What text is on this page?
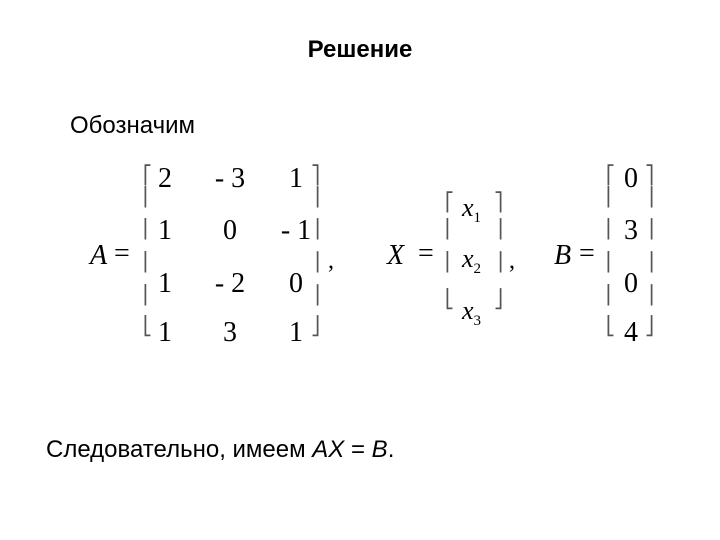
Решение
Обозначим
A =
⎡
⎢
⎢
⎢
⎢
⎣
⎤
⎥
⎥
⎥
⎥
⎦
2	- 3	1
1	0	- 1
1	- 2	0
1	3	1
, X =
⎡
⎢
⎢
⎣
⎤
⎥
⎥
⎦
$x_1$
$x_2$
$x_3$
, B =
⎡
⎢
⎢
⎢
⎢
⎣
⎤
⎥
⎥
⎥
⎥
⎦
0
3
0
4
Следовательно, имеем AX = B.
